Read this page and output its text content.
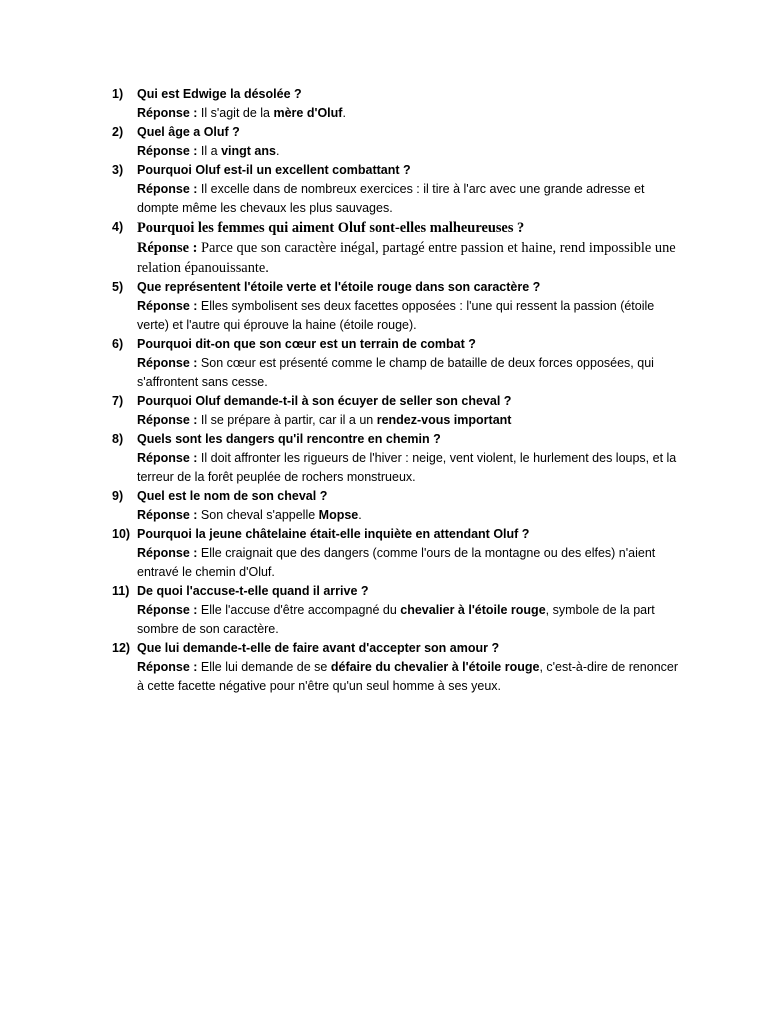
1) Qui est Edwige la désolée ?
Réponse : Il s'agit de la mère d'Oluf.
2) Quel âge a Oluf ?
Réponse : Il a vingt ans.
3) Pourquoi Oluf est-il un excellent combattant ?
Réponse : Il excelle dans de nombreux exercices : il tire à l'arc avec une grande adresse et dompte même les chevaux les plus sauvages.
4) Pourquoi les femmes qui aiment Oluf sont-elles malheureuses ?
Réponse : Parce que son caractère inégal, partagé entre passion et haine, rend impossible une relation épanouissante.
5) Que représentent l'étoile verte et l'étoile rouge dans son caractère ?
Réponse : Elles symbolisent ses deux facettes opposées : l'une qui ressent la passion (étoile verte) et l'autre qui éprouve la haine (étoile rouge).
6) Pourquoi dit-on que son cœur est un terrain de combat ?
Réponse : Son cœur est présenté comme le champ de bataille de deux forces opposées, qui s'affrontent sans cesse.
7) Pourquoi Oluf demande-t-il à son écuyer de seller son cheval ?
Réponse : Il se prépare à partir, car il a un rendez-vous important
8) Quels sont les dangers qu'il rencontre en chemin ?
Réponse : Il doit affronter les rigueurs de l'hiver : neige, vent violent, le hurlement des loups, et la terreur de la forêt peuplée de rochers monstrueux.
9) Quel est le nom de son cheval ?
Réponse : Son cheval s'appelle Mopse.
10) Pourquoi la jeune châtelaine était-elle inquiète en attendant Oluf ?
Réponse : Elle craignait que des dangers (comme l'ours de la montagne ou des elfes) n'aient entravé le chemin d'Oluf.
11) De quoi l'accuse-t-elle quand il arrive ?
Réponse : Elle l'accuse d'être accompagné du chevalier à l'étoile rouge, symbole de la part sombre de son caractère.
12) Que lui demande-t-elle de faire avant d'accepter son amour ?
Réponse : Elle lui demande de se défaire du chevalier à l'étoile rouge, c'est-à-dire de renoncer à cette facette négative pour n'être qu'un seul homme à ses yeux.
